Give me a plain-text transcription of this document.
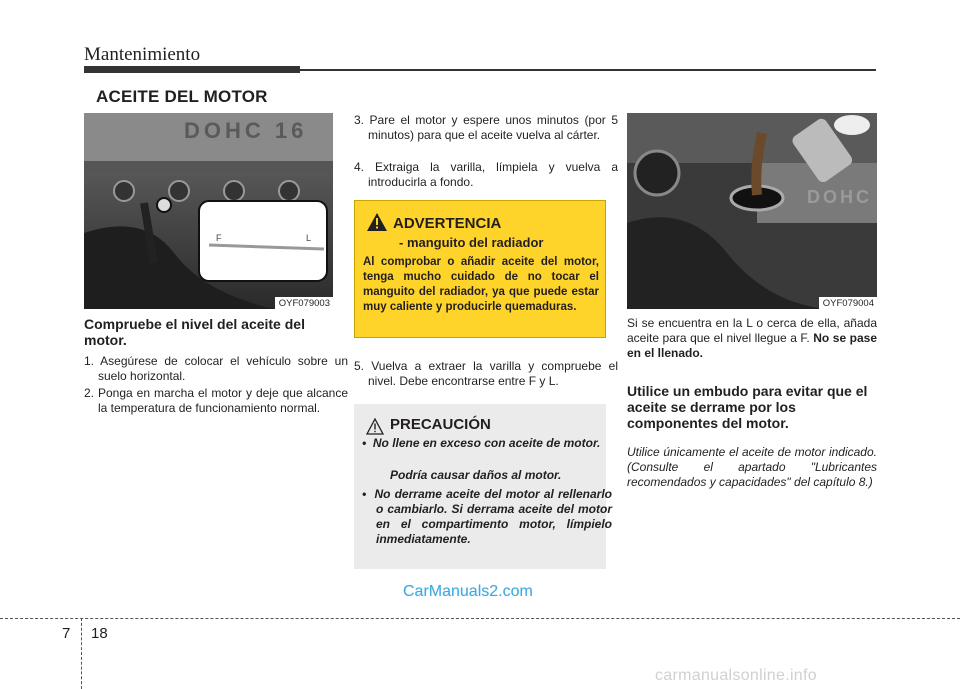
Mantenimiento
ACEITE DEL MOTOR
DOHC 16
F	L
OYF079003
Compruebe el nivel del aceite del motor.
1. Asegúrese de colocar el vehículo sobre un suelo horizontal.
2. Ponga en marcha el motor y deje que alcance la temperatura de funcionamiento normal.
3. Pare el motor y espere unos minutos (por 5 minutos) para que el aceite vuelva al cárter.
4. Extraiga la varilla, límpiela y vuelva a introducirla a fondo.
ADVERTENCIA
- manguito del radiador
Al comprobar o añadir aceite del motor, tenga mucho cuidado de no tocar el manguito del radiador, ya que puede estar muy caliente y producirle quemaduras.
5. Vuelva a extraer la varilla y compruebe el nivel. Debe encontrarse entre F y L.
PRECAUCIÓN
•  No llene en exceso con aceite de motor.
Podría causar daños al motor.
•  No derrame aceite del motor al rellenarlo o cambiarlo. Si derrama aceite del motor en el compartimento motor, límpielo inmediatamente.
DOHC
OYF079004
Si se encuentra en la L o cerca de ella, añada aceite para que el nivel llegue a F. No se pase en el llenado.
Utilice un embudo para evitar que el aceite se derrame por los componentes del motor.
Utilice únicamente el aceite de motor indicado. (Consulte el apartado "Lubricantes recomendados y capacidades" del capítulo 8.)
CarManuals2.com
7 18
carmanualsonline.info
